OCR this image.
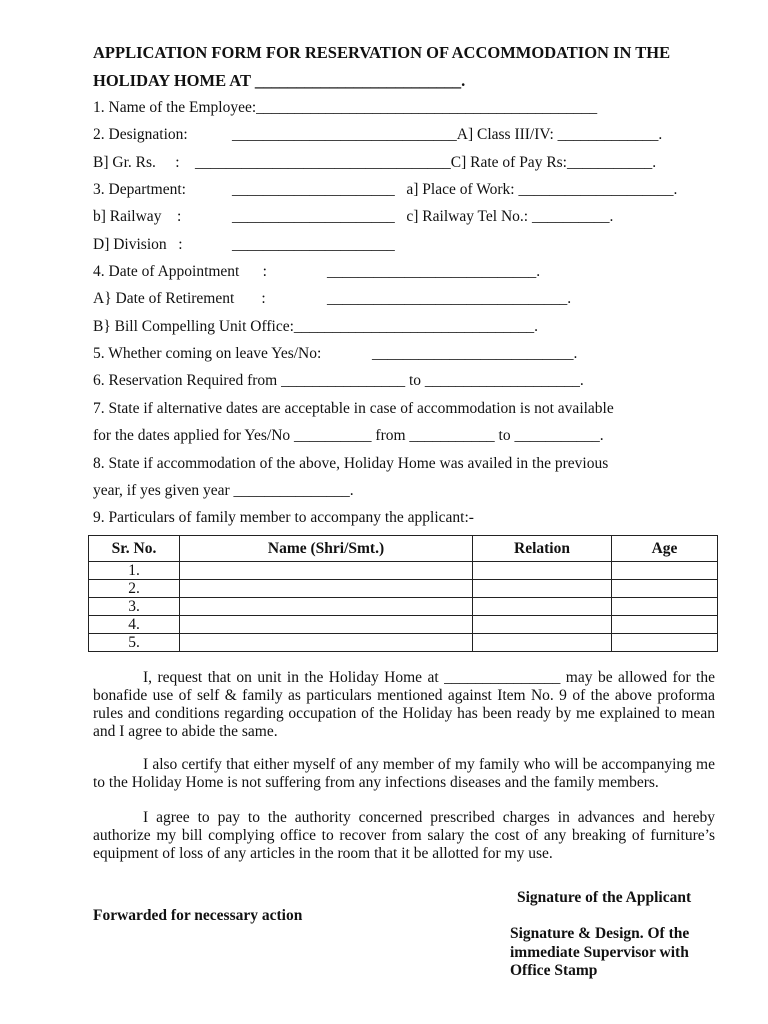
APPLICATION FORM FOR RESERVATION OF ACCOMMODATION IN THE
HOLIDAY HOME AT _________________________.
1. Name of the Employee:____________________________________________
2. Designation:	_____________________________A] Class III/IV: _____________.
B] Gr. Rs.     : _________________________________C] Rate of Pay Rs:___________.
3. Department:	_____________________   a] Place of Work: ____________________.
b] Railway    :	_____________________   c] Railway Tel No.: __________.
D] Division   :	_____________________
4. Date of Appointment      :	___________________________.
A} Date of Retirement       :	_______________________________.
B} Bill Compelling Unit Office:_______________________________.
5. Whether coming on leave Yes/No:	__________________________.
6. Reservation Required from ________________ to ____________________.
7. State if alternative dates are acceptable in case of accommodation is not available
for the dates applied for Yes/No __________ from ___________ to ___________.
8. State if accommodation of the above, Holiday Home was availed in the previous
year, if yes given year _______________.
9. Particulars of family member to accompany the applicant:-
Sr. No.	Name (Shri/Smt.)	Relation	Age
1.			
2.			
3.			
4.			
5.			
I, request that on unit in the Holiday Home at _______________ may be allowed for the bonafide use of self & family as particulars mentioned against Item No. 9 of the above proforma rules and conditions regarding occupation of the Holiday has been ready by me explained to mean and I agree to abide the same.
I also certify that either myself of any member of my family who will be accompanying me to the Holiday Home is not suffering from any infections diseases and the family members.
I agree to pay to the authority concerned prescribed charges in advances and hereby authorize my bill complying office to recover from salary the cost of any breaking of furniture’s equipment of loss of any articles in the room that it be allotted for my use.
Signature of the Applicant
Forwarded for necessary action
Signature & Design. Of the
immediate Supervisor with
Office Stamp
